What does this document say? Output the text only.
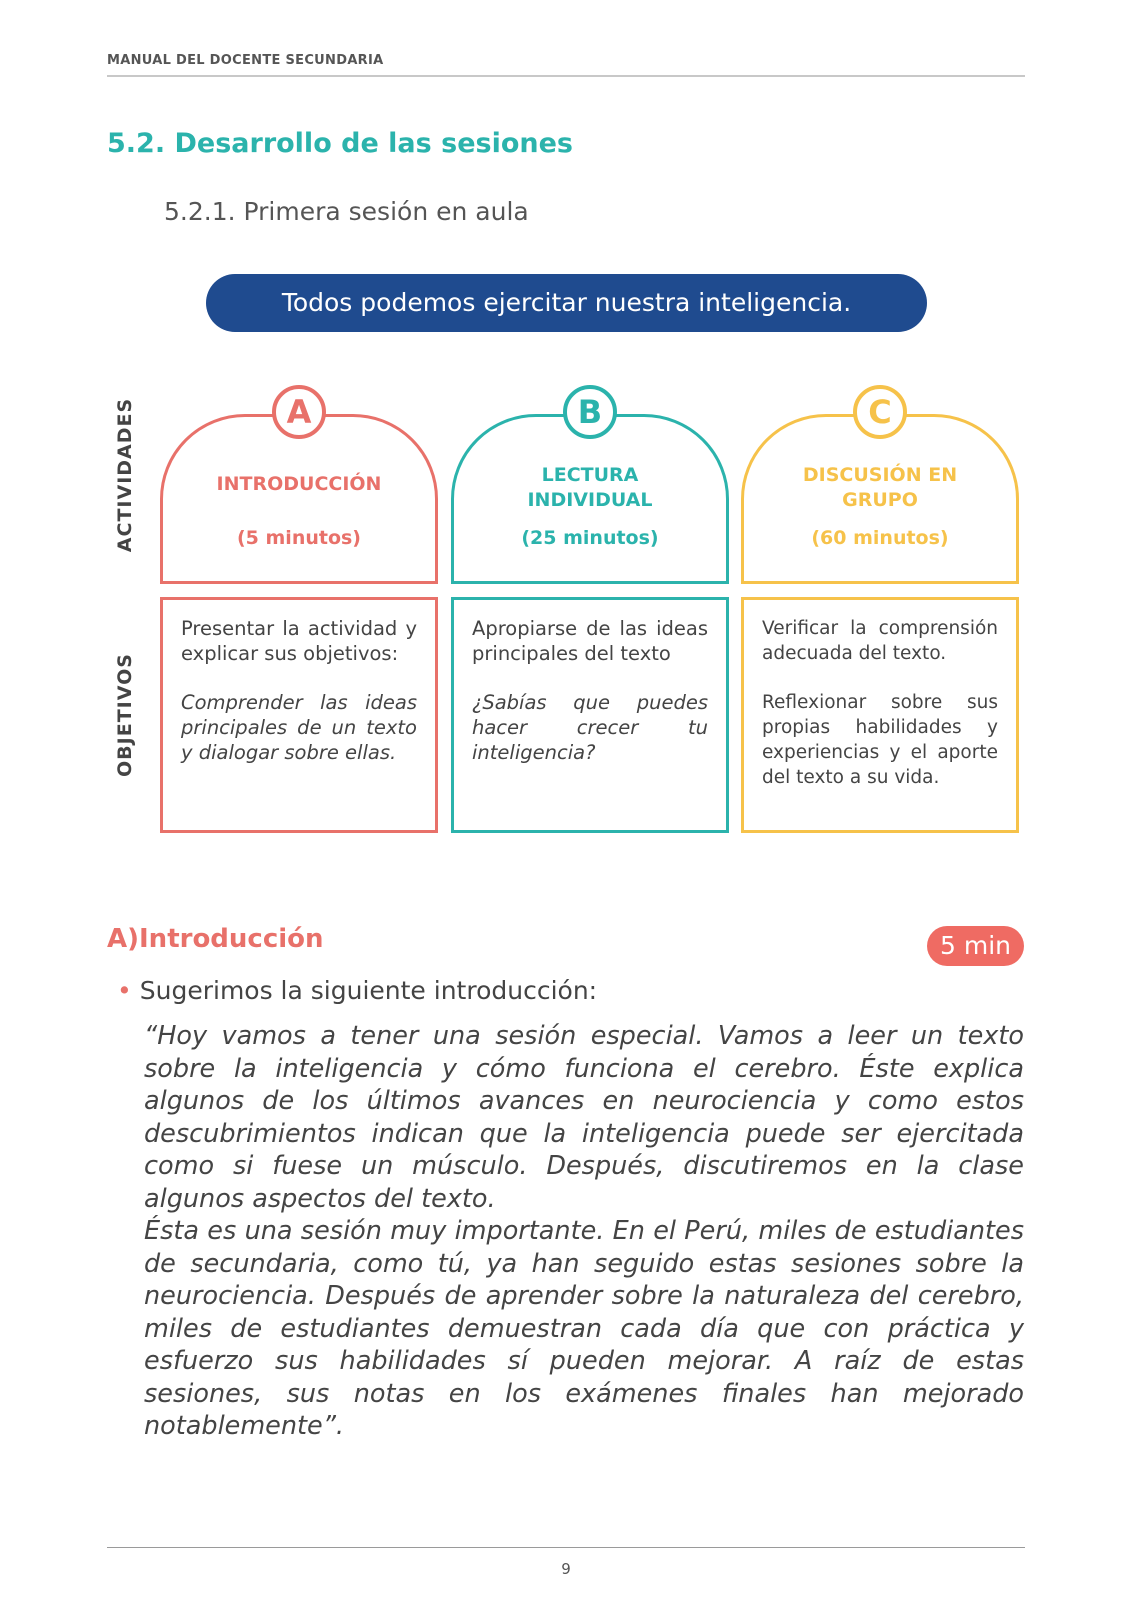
MANUAL DEL DOCENTE SECUNDARIA
5.2. Desarrollo de las sesiones
5.2.1. Primera sesión en aula
Todos podemos ejercitar nuestra inteligencia.
ACTIVIDADES
OBJETIVOS
A
INTRODUCCIÓN
(5 minutos)
B
LECTURA INDIVIDUAL
(25 minutos)
C
DISCUSIÓN EN GRUPO
(60 minutos)

Presentar la actividad y explicar sus objetivos:

Comprender las ideas principales de un texto y dialogar sobre ellas.

Apropiarse de las ideas principales del texto

¿Sabías que puedes hacer crecer tu inteligencia?

Verificar la comprensión adecuada del texto.

Reflexionar sobre sus propias habilidades y experiencias y el aporte del texto a su vida.

A)Introducción	5 min
• Sugerimos la siguiente introducción:

“Hoy vamos a tener una sesión especial. Vamos a leer un texto sobre la inteligencia y cómo funciona el cerebro. Éste explica algunos de los últimos avances en neurociencia y como estos descubrimientos indican que la inteligencia puede ser ejercitada como si fuese un músculo. Después, discutiremos en la clase algunos aspectos del texto.

Ésta es una sesión muy importante. En el Perú, miles de estudiantes de secundaria, como tú, ya han seguido estas sesiones sobre la neurociencia. Después de aprender sobre la naturaleza del cerebro, miles de estudiantes demuestran cada día que con práctica y esfuerzo sus habilidades sí pueden mejorar. A raíz de estas sesiones, sus notas en los exámenes finales han mejorado notablemente”.

9
